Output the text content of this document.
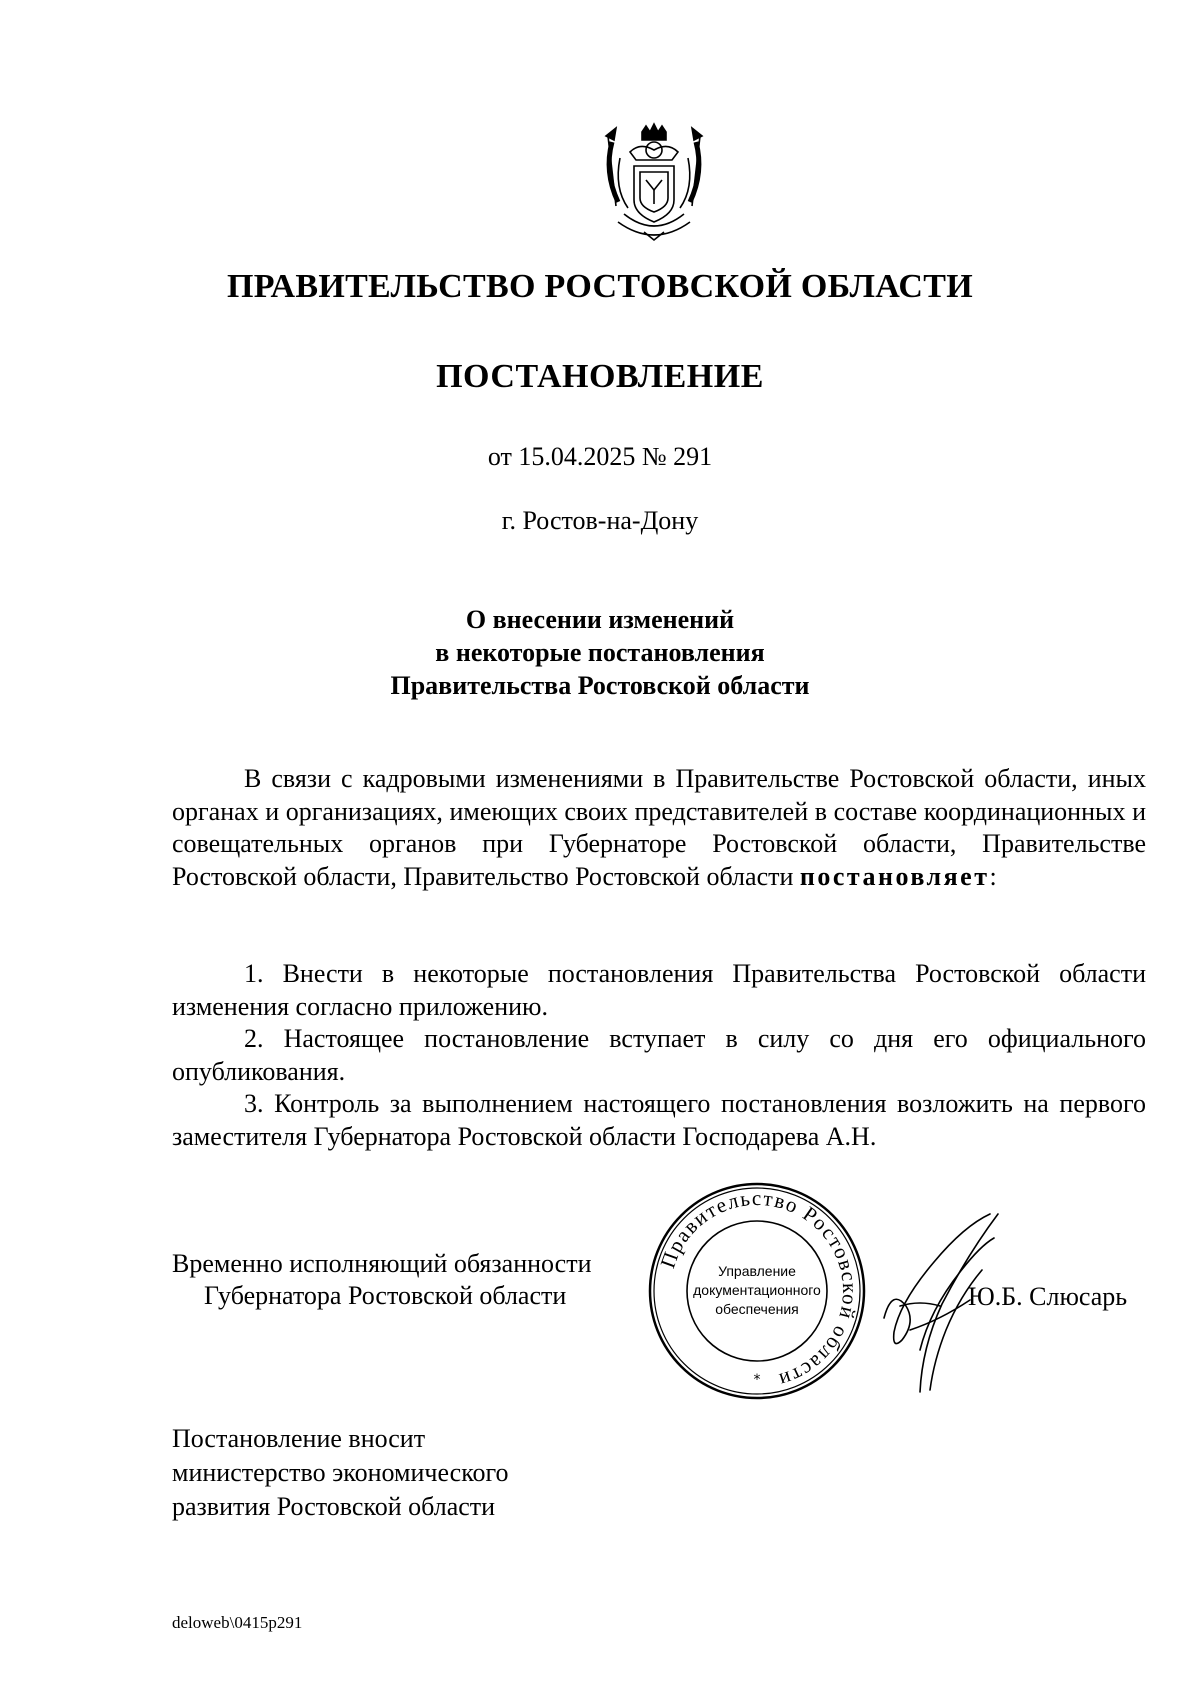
ПРАВИТЕЛЬСТВО РОСТОВСКОЙ ОБЛАСТИ
ПОСТАНОВЛЕНИЕ
от 15.04.2025 № 291
г. Ростов-на-Дону
О внесении изменений
в некоторые постановления
Правительства Ростовской области

В связи с кадровыми изменениями в Правительстве Ростовской области, иных органах и организациях, имеющих своих представителей в составе координационных и совещательных органов при Губернаторе Ростовской области, Правительстве Ростовской области, Правительство Ростовской области постановляет:

1. Внести в некоторые постановления Правительства Ростовской области изменения согласно приложению.

2. Настоящее постановление вступает в силу со дня его официального опубликования.

3. Контроль за выполнением настоящего постановления возложить на первого заместителя Губернатора Ростовской области Господарева А.Н.

Временно исполняющий обязанности
Губернатора Ростовской области
Правительство Ростовской области
Управление
документационного
обеспечения
*
Ю.Б. Слюсарь
Постановление вносит
министерство экономического
развития Ростовской области
deloweb\0415p291
